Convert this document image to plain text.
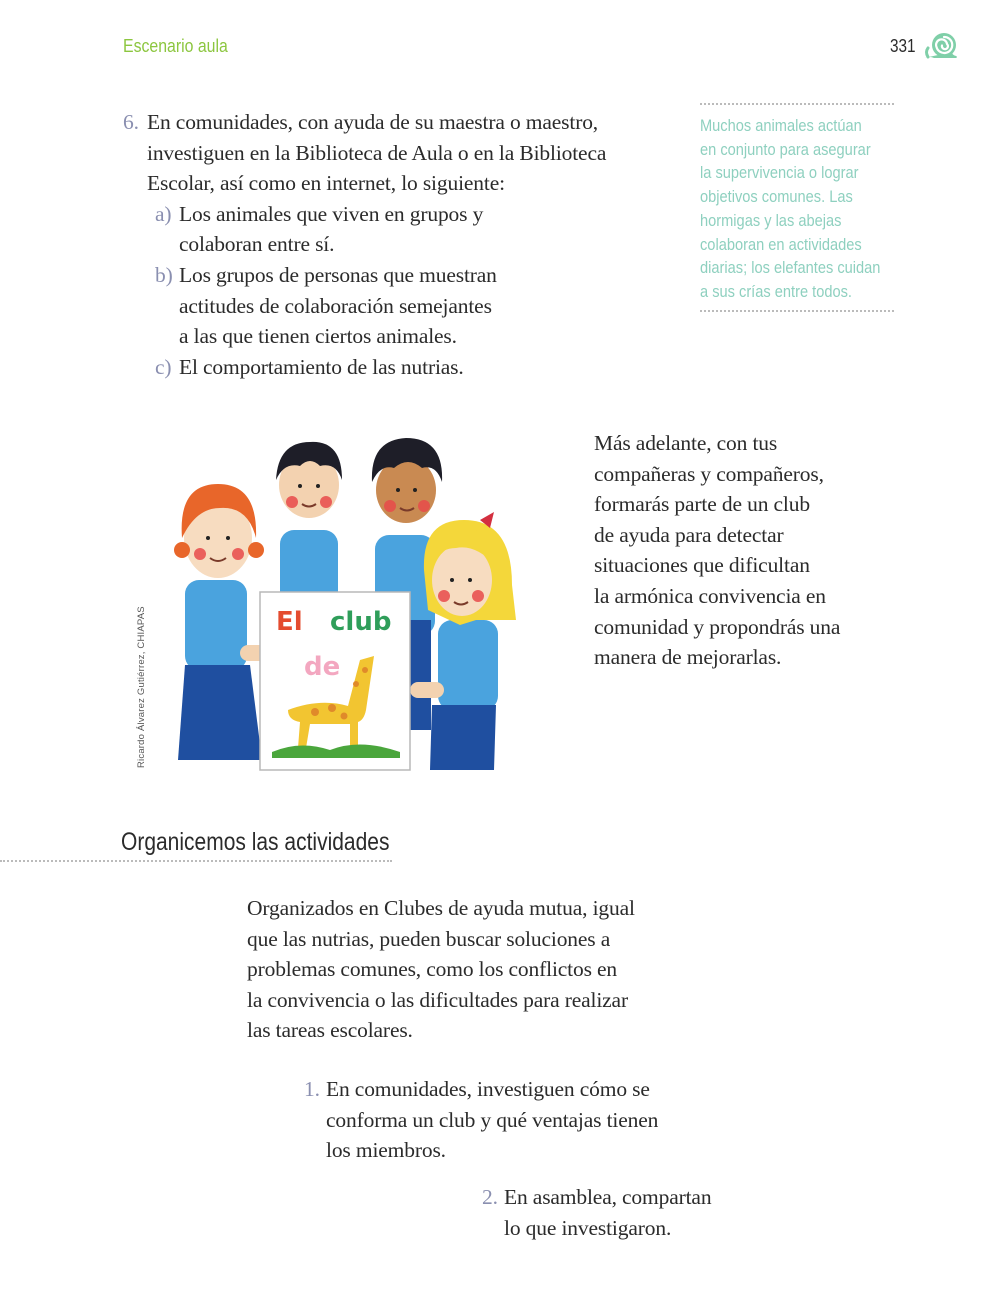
Escenario aula	331
6. En comunidades, con ayuda de su maestra o maestro,
investiguen en la Biblioteca de Aula o en la Biblioteca
Escolar, así como en internet, lo siguiente:
a) Los animales que viven en grupos y
colaboran entre sí.
b) Los grupos de personas que muestran
actitudes de colaboración semejantes
a las que tienen ciertos animales.
c) El comportamiento de las nutrias.

Muchos animales actúan

en conjunto para asegurar

la supervivencia o lograr

objetivos comunes. Las

hormigas y las abejas

colaboran en actividades

diarias; los elefantes cuidan

a sus crías entre todos.

El club
de
Ricardo Álvarez Gutiérrez, CHIAPAS
Más adelante, con tus
compañeras y compañeros,
formarás parte de un club
de ayuda para detectar
situaciones que dificultan
la armónica convivencia en
comunidad y propondrás una
manera de mejorarlas.
Organicemos las actividades
Organizados en Clubes de ayuda mutua, igual
que las nutrias, pueden buscar soluciones a
problemas comunes, como los conflictos en
la convivencia o las dificultades para realizar
las tareas escolares.
1. En comunidades, investiguen cómo se
conforma un club y qué ventajas tienen
los miembros.
2. En asamblea, compartan
lo que investigaron.
